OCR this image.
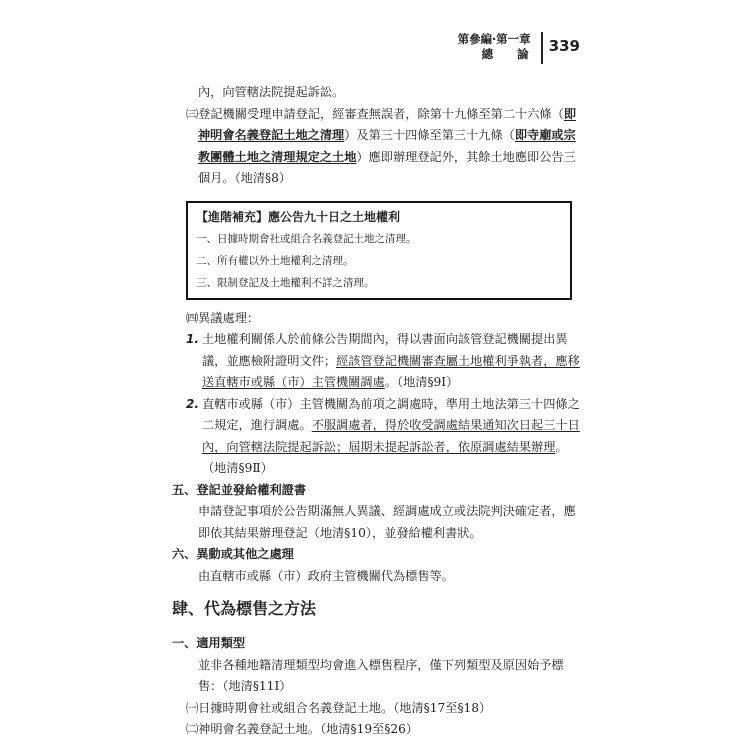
第參編‧第一章
總 論 339

內，向管轄法院提起訴訟。

㈢登記機關受理申請登記，經審查無誤者，除第十九條至第二十六條（即神明會名義登記土地之清理）及第三十四條至第三十九條（即寺廟或宗教團體土地之清理規定之土地）應即辦理登記外，其餘土地應即公告三個月。（地清§8）

【進階補充】應公告九十日之土地權利
一、日據時期會社或組合名義登記土地之清理。
二、所有權以外土地權利之清理。
三、限制登記及土地權利不詳之清理。

㈣異議處理：

1. 土地權利關係人於前條公告期間內，得以書面向該管登記機關提出異議，並應檢附證明文件；經該管登記機關審查屬土地權利爭執者，應移送直轄市或縣（市）主管機關調處。（地清§9Ⅰ）

2. 直轄市或縣（市）主管機關為前項之調處時，準用土地法第三十四條之二規定，進行調處。不服調處者，得於收受調處結果通知次日起三十日內，向管轄法院提起訴訟；屆期未提起訴訟者，依原調處結果辦理。（地清§9Ⅱ）

五、登記並發給權利證書

申請登記事項於公告期滿無人異議、經調處成立或法院判決確定者，應即依其結果辦理登記（地清§10），並發給權利書狀。

六、異動或其他之處理

由直轄市或縣（市）政府主管機關代為標售等。

肆、代為標售之方法

一、適用類型

並非各種地籍清理類型均會進入標售程序，僅下列類型及原因始予標售：（地清§11Ⅰ）

㈠日據時期會社或組合名義登記土地。（地清§17至§18）

㈡神明會名義登記土地。（地清§19至§26）
